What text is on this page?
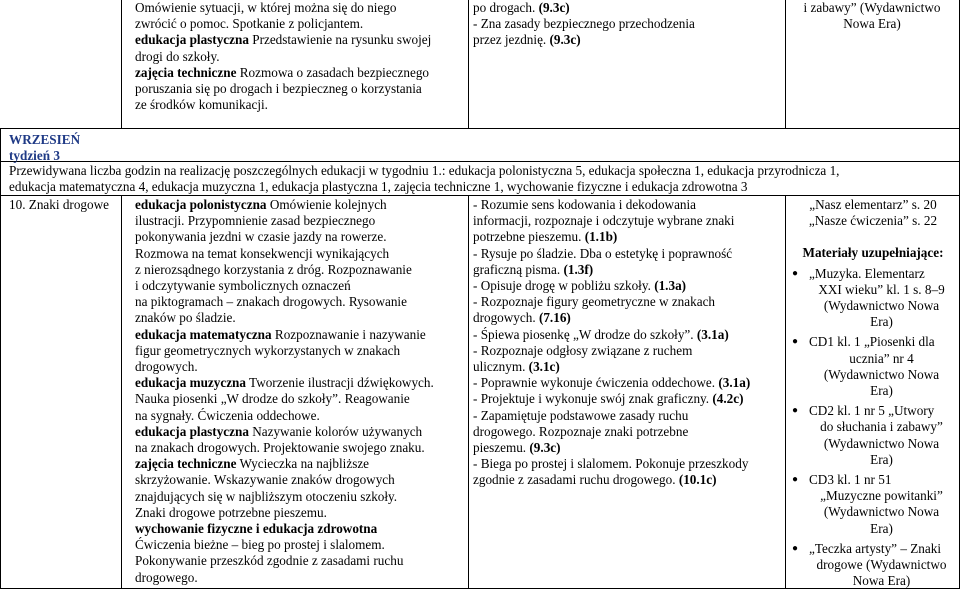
Omówienie sytuacji, w której można się do niego
zwrócić o pomoc. Spotkanie z policjantem.
edukacja plastyczna Przedstawienie na rysunku swojej
drogi do szkoły.
zajęcia techniczne Rozmowa o zasadach bezpiecznego
poruszania się po drogach i bezpieczneg o korzystania
ze środków komunikacji.
po drogach. (9.3c)
- Zna zasady bezpiecznego przechodzenia
przez jezdnię. (9.3c)
i zabawy” (Wydawnictwo
Nowa Era)
WRZESIEŃ
tydzień 3
Przewidywana liczba godzin na realizację poszczególnych edukacji w tygodniu 1.: edukacja polonistyczna 5, edukacja społeczna 1, edukacja przyrodnicza 1,
edukacja matematyczna 4, edukacja muzyczna 1, edukacja plastyczna 1, zajęcia techniczne 1, wychowanie fizyczne i edukacja zdrowotna 3
10. Znaki drogowe	edukacja polonistyczna Omówienie kolejnych
ilustracji. Przypomnienie zasad bezpiecznego
pokonywania jezdni w czasie jazdy na rowerze.
Rozmowa na temat konsekwencji wynikających
z nierozsądnego korzystania z dróg. Rozpoznawanie
i odczytywanie symbolicznych oznaczeń
na piktogramach – znakach drogowych. Rysowanie
znaków po śladzie.
edukacja matematyczna Rozpoznawanie i nazywanie
figur geometrycznych wykorzystanych w znakach
drogowych.
edukacja muzyczna Tworzenie ilustracji dźwiękowych.
Nauka piosenki „W drodze do szkoły”. Reagowanie
na sygnały. Ćwiczenia oddechowe.
edukacja plastyczna Nazywanie kolorów używanych
na znakach drogowych. Projektowanie swojego znaku.
zajęcia techniczne Wycieczka na najbliższe
skrzyżowanie. Wskazywanie znaków drogowych
znajdujących się w najbliższym otoczeniu szkoły.
Znaki drogowe potrzebne pieszemu.
wychowanie fizyczne i edukacja zdrowotna
Ćwiczenia bieżne – bieg po prostej i slalomem.
Pokonywanie przeszkód zgodnie z zasadami ruchu
drogowego.
- Rozumie sens kodowania i dekodowania
informacji, rozpoznaje i odczytuje wybrane znaki
potrzebne pieszemu. (1.1b)
- Rysuje po śladzie. Dba o estetykę i poprawność
graficzną pisma. (1.3f)
- Opisuje drogę w pobliżu szkoły. (1.3a)
- Rozpoznaje figury geometryczne w znakach
drogowych. (7.16)
- Śpiewa piosenkę „W drodze do szkoły”. (3.1a)
- Rozpoznaje odgłosy związane z ruchem
ulicznym. (3.1c)
- Poprawnie wykonuje ćwiczenia oddechowe. (3.1a)
- Projektuje i wykonuje swój znak graficzny. (4.2c)
- Zapamiętuje podstawowe zasady ruchu
drogowego. Rozpoznaje znaki potrzebne
pieszemu. (9.3c)
- Biega po prostej i slalomem. Pokonuje przeszkody
zgodnie z zasadami ruchu drogowego. (10.1c)
„Nasz elementarz” s. 20
„Nasze ćwiczenia” s. 22
Materiały uzupełniające:
● „Muzyka. Elementarz
XXI wieku” kl. 1 s. 8–9
(Wydawnictwo Nowa
Era)
● CD1 kl. 1 „Piosenki dla
ucznia” nr 4
(Wydawnictwo Nowa
Era)
● CD2 kl. 1 nr 5 „Utwory
do słuchania i zabawy”
(Wydawnictwo Nowa
Era)
● CD3 kl. 1 nr 51
„Muzyczne powitanki”
(Wydawnictwo Nowa
Era)
● „Teczka artysty” – Znaki
drogowe (Wydawnictwo
Nowa Era)
